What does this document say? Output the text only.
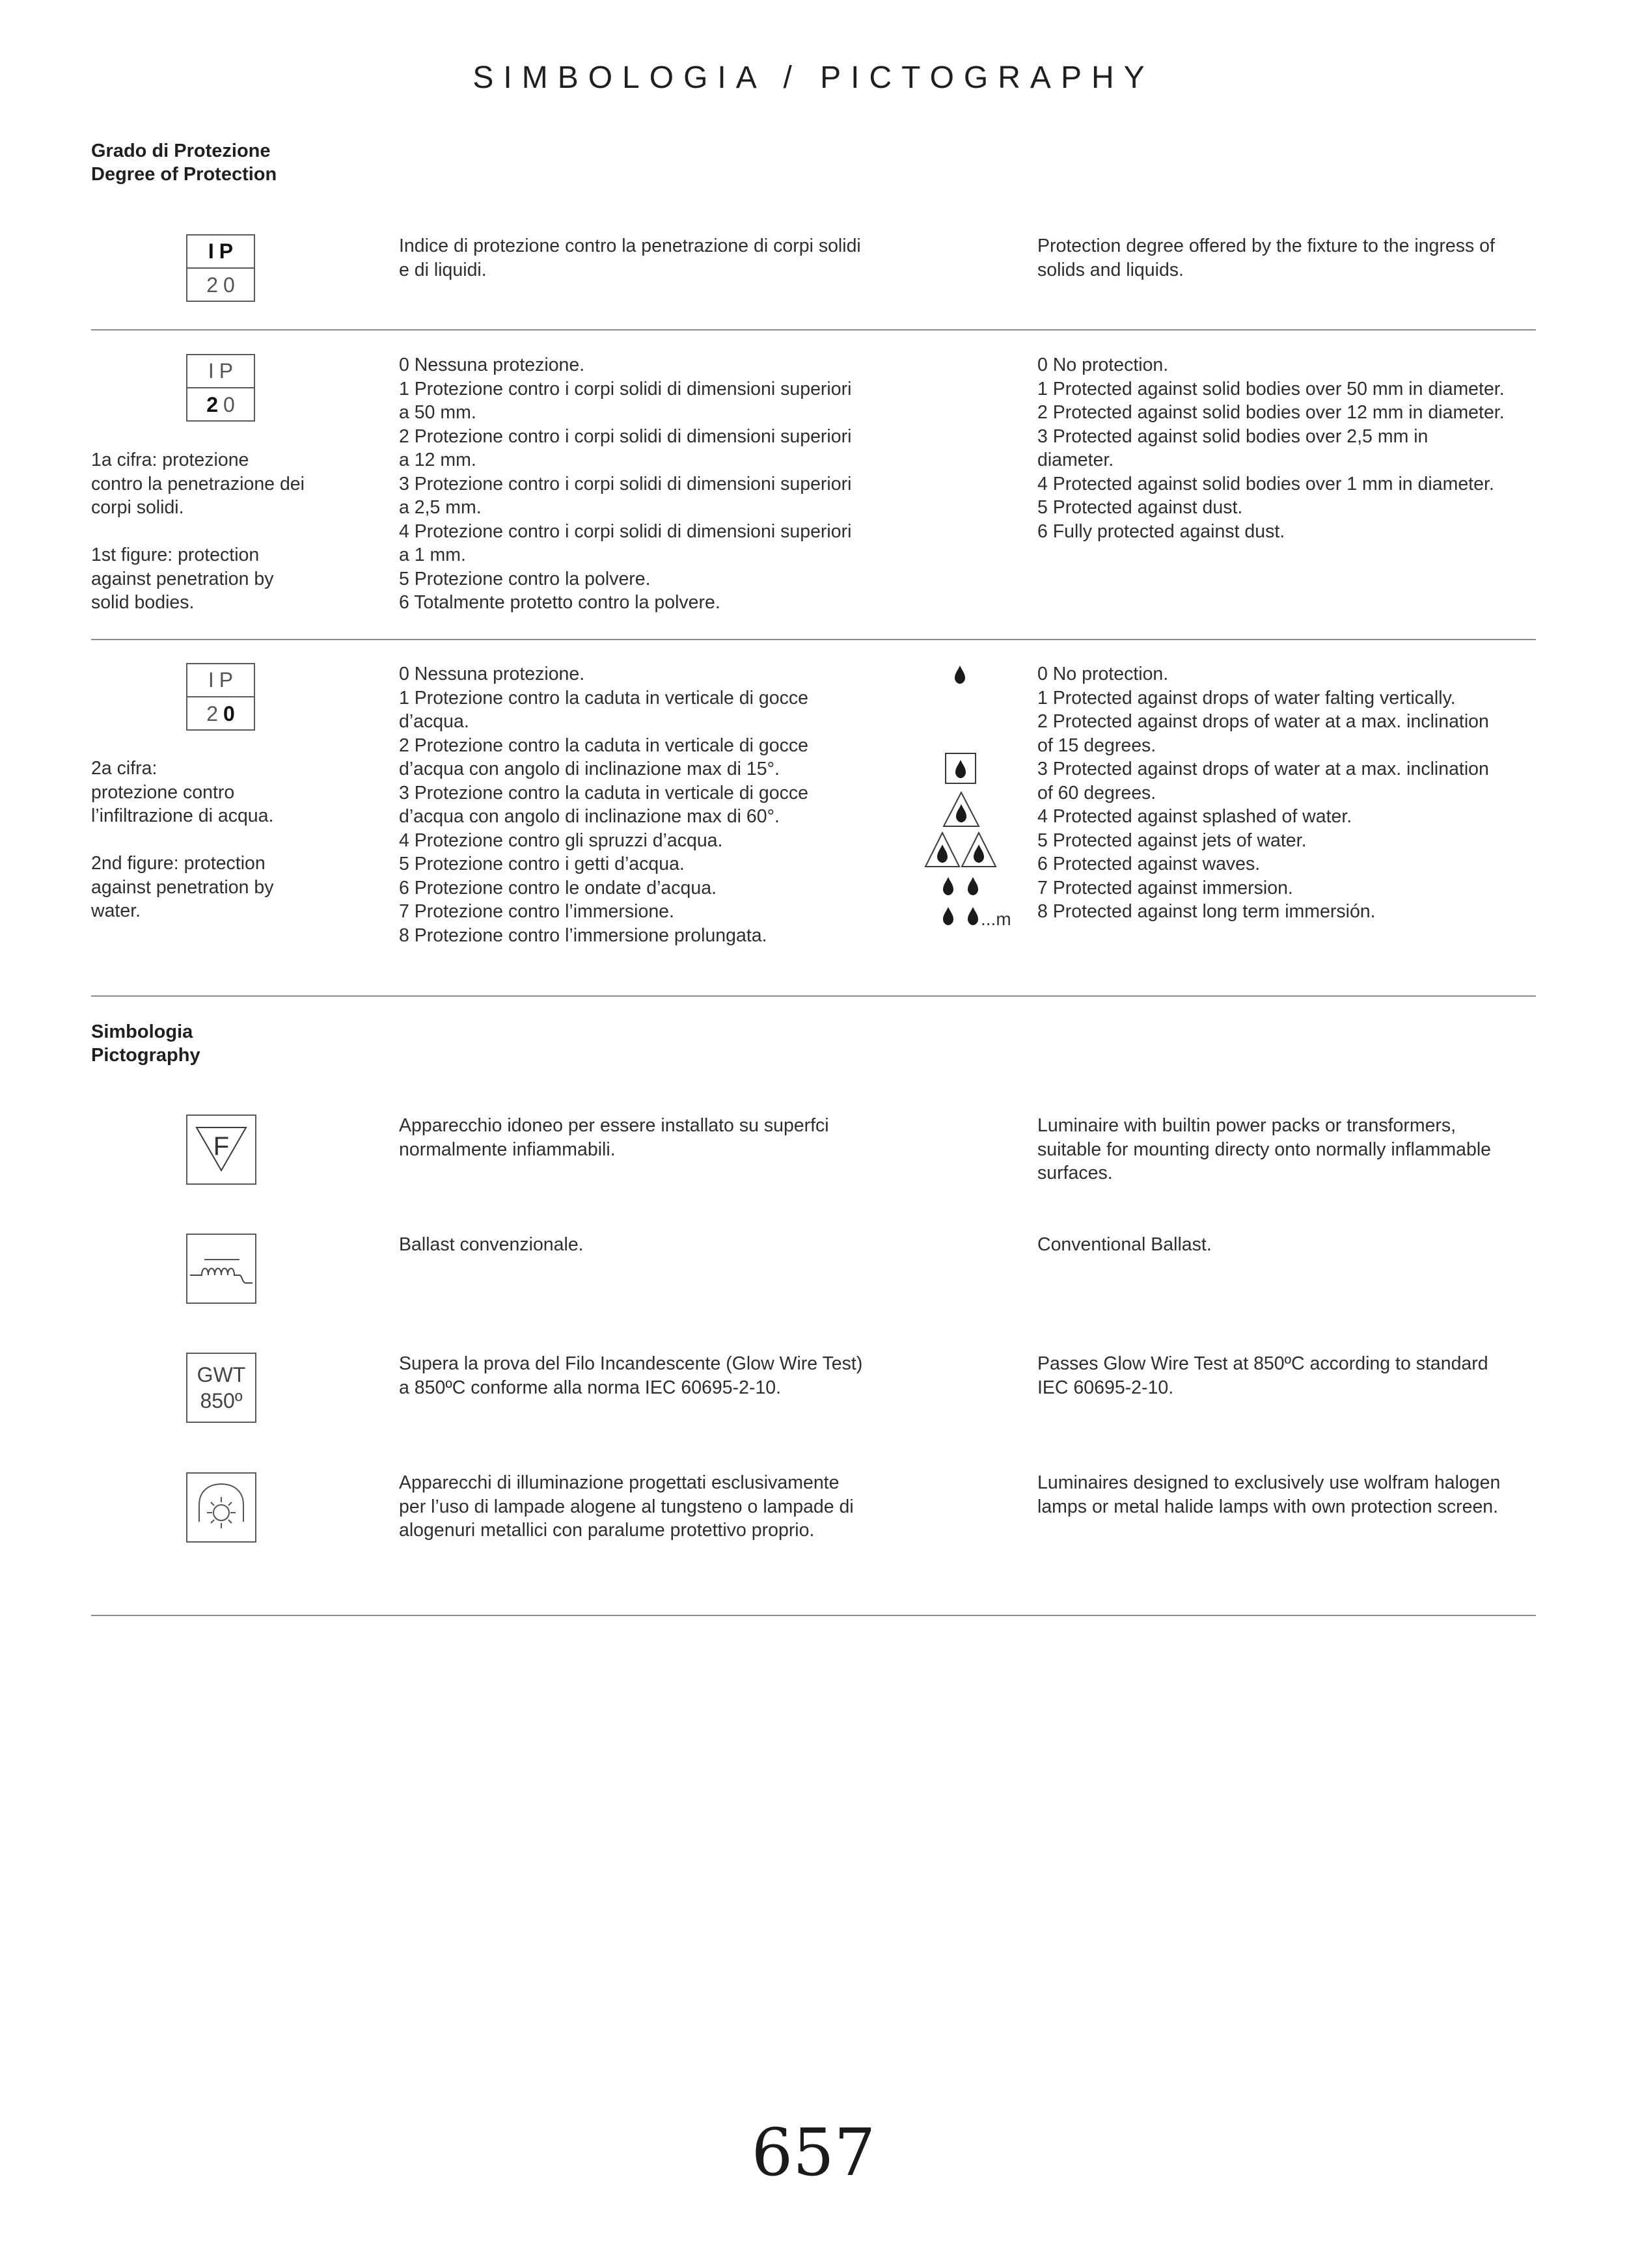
SIMBOLOGIA / PICTOGRAPHY
Grado di Protezione
Degree of Protection
IP
20
Indice di protezione contro la penetrazione di corpi solidi
e di liquidi.
Protection degree offered by the fixture to the ingress of
solids and liquids.
IP
2 0
1a cifra: protezione
contro la penetrazione dei
corpi solidi.
1st figure: protection
against penetration by
solid bodies.
0 Nessuna protezione.
1 Protezione contro i corpi solidi di dimensioni superiori
a 50 mm.
2 Protezione contro i corpi solidi di dimensioni superiori
a 12 mm.
3 Protezione contro i corpi solidi di dimensioni superiori
a 2,5 mm.
4 Protezione contro i corpi solidi di dimensioni superiori
a 1 mm.
5 Protezione contro la polvere.
6 Totalmente protetto contro la polvere.
0 No protection.
1 Protected against solid bodies over 50 mm in diameter.
2 Protected against solid bodies over 12 mm in diameter.
3 Protected against solid bodies over 2,5 mm in
diameter.
4 Protected against solid bodies over 1 mm in diameter.
5 Protected against dust.
6 Fully protected against dust.
IP
2 0
2a cifra:
protezione contro
l’infiltrazione di acqua.
2nd figure: protection
against penetration by
water.
0 Nessuna protezione.
1 Protezione contro la caduta in verticale di gocce
d’acqua.
2 Protezione contro la caduta in verticale di gocce
d’acqua con angolo di inclinazione max di 15°.
3 Protezione contro la caduta in verticale di gocce
d’acqua con angolo di inclinazione max di 60°.
4 Protezione contro gli spruzzi d’acqua.
5 Protezione contro i getti d’acqua.
6 Protezione contro le ondate d’acqua.
7 Protezione contro l’immersione.
8 Protezione contro l’immersione prolungata.
...m
0 No protection.
1 Protected against drops of water falting vertically.
2 Protected against drops of water at a max. inclination
of 15 degrees.
3 Protected against drops of water at a max. inclination
of 60 degrees.
4 Protected against splashed of water.
5 Protected against jets of water.
6 Protected against waves.
7 Protected against immersion.
8 Protected against long term immersión.
Simbologia
Pictography
F
Apparecchio idoneo per essere installato su superfci
normalmente infiammabili.
Luminaire with builtin power packs or transformers,
suitable for mounting directy onto normally inflammable
surfaces.
Ballast convenzionale.	Conventional Ballast.
GWT
850º
Supera la prova del Filo Incandescente (Glow Wire Test)
a 850ºC conforme alla norma IEC 60695-2-10.
Passes Glow Wire Test at 850ºC according to standard
IEC 60695-2-10.
Apparecchi di illuminazione progettati esclusivamente
per l’uso di lampade alogene al tungsteno o lampade di
alogenuri metallici con paralume protettivo proprio.
Luminaires designed to exclusively use wolfram halogen
lamps or metal halide lamps with own protection screen.
657
